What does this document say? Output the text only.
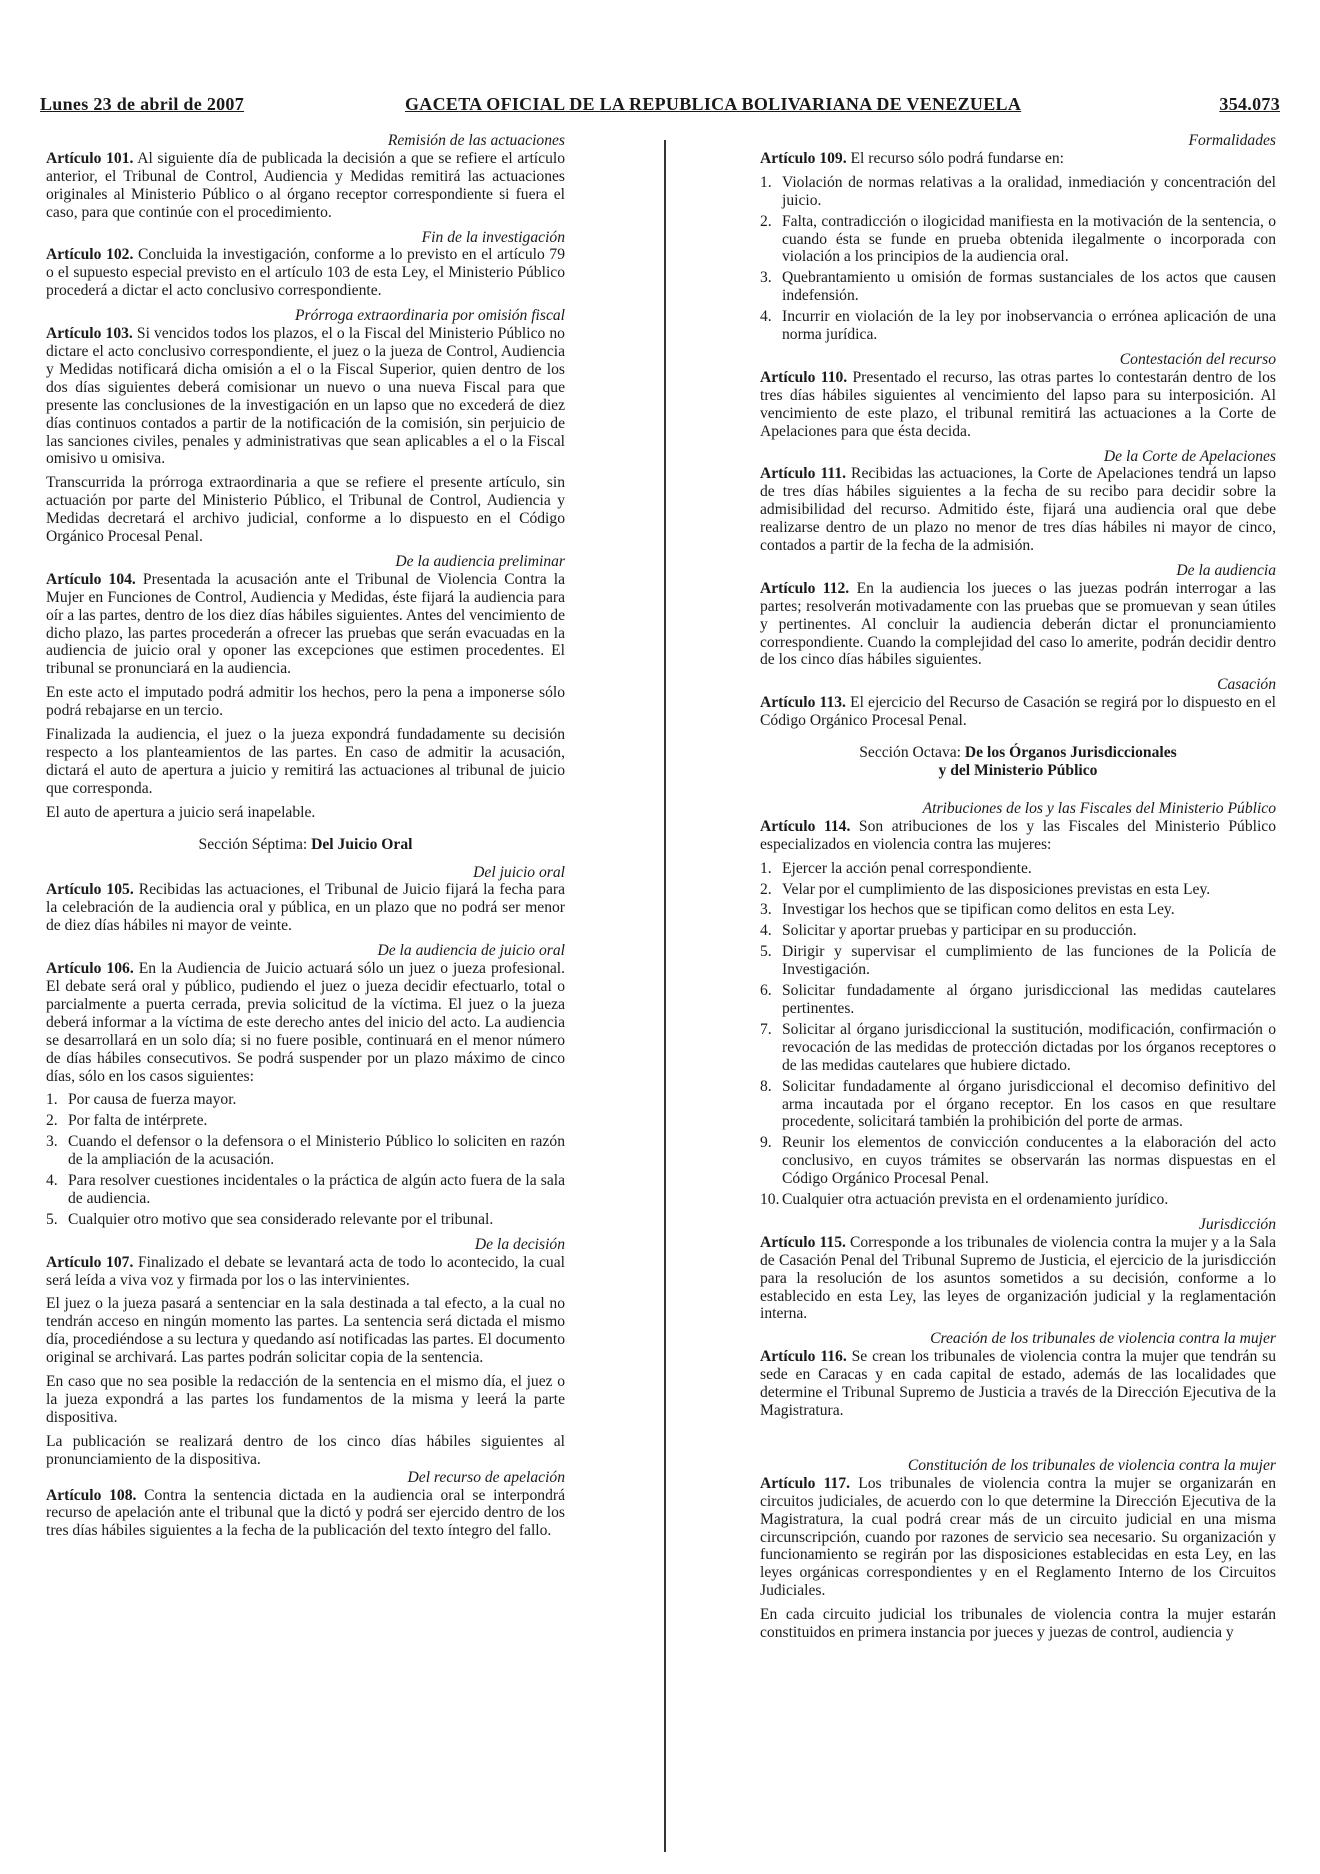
Lunes 23 de abril de 2007	GACETA OFICIAL DE LA REPUBLICA BOLIVARIANA DE VENEZUELA	354.073
Remisión de las actuaciones

Artículo 101. Al siguiente día de publicada la decisión a que se refiere el artículo anterior, el Tribunal de Control, Audiencia y Medidas remitirá las actuaciones originales al Ministerio Público o al órgano receptor correspondiente si fuera el caso, para que continúe con el procedimiento.

Fin de la investigación

Artículo 102. Concluida la investigación, conforme a lo previsto en el artículo 79 o el supuesto especial previsto en el artículo 103 de esta Ley, el Ministerio Público procederá a dictar el acto conclusivo correspondiente.

Prórroga extraordinaria por omisión fiscal

Artículo 103. Si vencidos todos los plazos, el o la Fiscal del Ministerio Público no dictare el acto conclusivo correspondiente, el juez o la jueza de Control, Audiencia y Medidas notificará dicha omisión a el o la Fiscal Superior, quien dentro de los dos días siguientes deberá comisionar un nuevo o una nueva Fiscal para que presente las conclusiones de la investigación en un lapso que no excederá de diez días continuos contados a partir de la notificación de la comisión, sin perjuicio de las sanciones civiles, penales y administrativas que sean aplicables a el o la Fiscal omisivo u omisiva.

Transcurrida la prórroga extraordinaria a que se refiere el presente artículo, sin actuación por parte del Ministerio Público, el Tribunal de Control, Audiencia y Medidas decretará el archivo judicial, conforme a lo dispuesto en el Código Orgánico Procesal Penal.

De la audiencia preliminar

Artículo 104. Presentada la acusación ante el Tribunal de Violencia Contra la Mujer en Funciones de Control, Audiencia y Medidas, éste fijará la audiencia para oír a las partes, dentro de los diez días hábiles siguientes. Antes del vencimiento de dicho plazo, las partes procederán a ofrecer las pruebas que serán evacuadas en la audiencia de juicio oral y oponer las excepciones que estimen procedentes. El tribunal se pronunciará en la audiencia.

En este acto el imputado podrá admitir los hechos, pero la pena a imponerse sólo podrá rebajarse en un tercio.

Finalizada la audiencia, el juez o la jueza expondrá fundadamente su decisión respecto a los planteamientos de las partes. En caso de admitir la acusación, dictará el auto de apertura a juicio y remitirá las actuaciones al tribunal de juicio que corresponda.

El auto de apertura a juicio será inapelable.

Sección Séptima: Del Juicio Oral
Del juicio oral

Artículo 105. Recibidas las actuaciones, el Tribunal de Juicio fijará la fecha para la celebración de la audiencia oral y pública, en un plazo que no podrá ser menor de diez días hábiles ni mayor de veinte.

De la audiencia de juicio oral

Artículo 106. En la Audiencia de Juicio actuará sólo un juez o jueza profesional. El debate será oral y público, pudiendo el juez o jueza decidir efectuarlo, total o parcialmente a puerta cerrada, previa solicitud de la víctima. El juez o la jueza deberá informar a la víctima de este derecho antes del inicio del acto. La audiencia se desarrollará en un solo día; si no fuere posible, continuará en el menor número de días hábiles consecutivos. Se podrá suspender por un plazo máximo de cinco días, sólo en los casos siguientes:

1. Por causa de fuerza mayor.
2. Por falta de intérprete.
3. Cuando el defensor o la defensora o el Ministerio Público lo soliciten en razón de la ampliación de la acusación.
4. Para resolver cuestiones incidentales o la práctica de algún acto fuera de la sala de audiencia.
5. Cualquier otro motivo que sea considerado relevante por el tribunal.
De la decisión

Artículo 107. Finalizado el debate se levantará acta de todo lo acontecido, la cual será leída a viva voz y firmada por los o las intervinientes.

El juez o la jueza pasará a sentenciar en la sala destinada a tal efecto, a la cual no tendrán acceso en ningún momento las partes. La sentencia será dictada el mismo día, procediéndose a su lectura y quedando así notificadas las partes. El documento original se archivará. Las partes podrán solicitar copia de la sentencia.

En caso que no sea posible la redacción de la sentencia en el mismo día, el juez o la jueza expondrá a las partes los fundamentos de la misma y leerá la parte dispositiva.

La publicación se realizará dentro de los cinco días hábiles siguientes al pronunciamiento de la dispositiva.

Del recurso de apelación

Artículo 108. Contra la sentencia dictada en la audiencia oral se interpondrá recurso de apelación ante el tribunal que la dictó y podrá ser ejercido dentro de los tres días hábiles siguientes a la fecha de la publicación del texto íntegro del fallo.

Formalidades

Artículo 109. El recurso sólo podrá fundarse en:

1. Violación de normas relativas a la oralidad, inmediación y concentración del juicio.
2. Falta, contradicción o ilogicidad manifiesta en la motivación de la sentencia, o cuando ésta se funde en prueba obtenida ilegalmente o incorporada con violación a los principios de la audiencia oral.
3. Quebrantamiento u omisión de formas sustanciales de los actos que causen indefensión.
4. Incurrir en violación de la ley por inobservancia o errónea aplicación de una norma jurídica.
Contestación del recurso

Artículo 110. Presentado el recurso, las otras partes lo contestarán dentro de los tres días hábiles siguientes al vencimiento del lapso para su interposición. Al vencimiento de este plazo, el tribunal remitirá las actuaciones a la Corte de Apelaciones para que ésta decida.

De la Corte de Apelaciones

Artículo 111. Recibidas las actuaciones, la Corte de Apelaciones tendrá un lapso de tres días hábiles siguientes a la fecha de su recibo para decidir sobre la admisibilidad del recurso. Admitido éste, fijará una audiencia oral que debe realizarse dentro de un plazo no menor de tres días hábiles ni mayor de cinco, contados a partir de la fecha de la admisión.

De la audiencia

Artículo 112. En la audiencia los jueces o las juezas podrán interrogar a las partes; resolverán motivadamente con las pruebas que se promuevan y sean útiles y pertinentes. Al concluir la audiencia deberán dictar el pronunciamiento correspondiente. Cuando la complejidad del caso lo amerite, podrán decidir dentro de los cinco días hábiles siguientes.

Casación

Artículo 113. El ejercicio del Recurso de Casación se regirá por lo dispuesto en el Código Orgánico Procesal Penal.

Sección Octava: De los Órganos Jurisdiccionales
y del Ministerio Público
Atribuciones de los y las Fiscales del Ministerio Público

Artículo 114. Son atribuciones de los y las Fiscales del Ministerio Público especializados en violencia contra las mujeres:

1. Ejercer la acción penal correspondiente.
2. Velar por el cumplimiento de las disposiciones previstas en esta Ley.
3. Investigar los hechos que se tipifican como delitos en esta Ley.
4. Solicitar y aportar pruebas y participar en su producción.
5. Dirigir y supervisar el cumplimiento de las funciones de la Policía de Investigación.
6. Solicitar fundadamente al órgano jurisdiccional las medidas cautelares pertinentes.
7. Solicitar al órgano jurisdiccional la sustitución, modificación, confirmación o revocación de las medidas de protección dictadas por los órganos receptores o de las medidas cautelares que hubiere dictado.
8. Solicitar fundadamente al órgano jurisdiccional el decomiso definitivo del arma incautada por el órgano receptor. En los casos en que resultare procedente, solicitará también la prohibición del porte de armas.
9. Reunir los elementos de convicción conducentes a la elaboración del acto conclusivo, en cuyos trámites se observarán las normas dispuestas en el Código Orgánico Procesal Penal.
10. Cualquier otra actuación prevista en el ordenamiento jurídico.
Jurisdicción

Artículo 115. Corresponde a los tribunales de violencia contra la mujer y a la Sala de Casación Penal del Tribunal Supremo de Justicia, el ejercicio de la jurisdicción para la resolución de los asuntos sometidos a su decisión, conforme a lo establecido en esta Ley, las leyes de organización judicial y la reglamentación interna.

Creación de los tribunales de violencia contra la mujer

Artículo 116. Se crean los tribunales de violencia contra la mujer que tendrán su sede en Caracas y en cada capital de estado, además de las localidades que determine el Tribunal Supremo de Justicia a través de la Dirección Ejecutiva de la Magistratura.

Constitución de los tribunales de violencia contra la mujer

Artículo 117. Los tribunales de violencia contra la mujer se organizarán en circuitos judiciales, de acuerdo con lo que determine la Dirección Ejecutiva de la Magistratura, la cual podrá crear más de un circuito judicial en una misma circunscripción, cuando por razones de servicio sea necesario. Su organización y funcionamiento se regirán por las disposiciones establecidas en esta Ley, en las leyes orgánicas correspondientes y en el Reglamento Interno de los Circuitos Judiciales.

En cada circuito judicial los tribunales de violencia contra la mujer estarán constituidos en primera instancia por jueces y juezas de control, audiencia y
